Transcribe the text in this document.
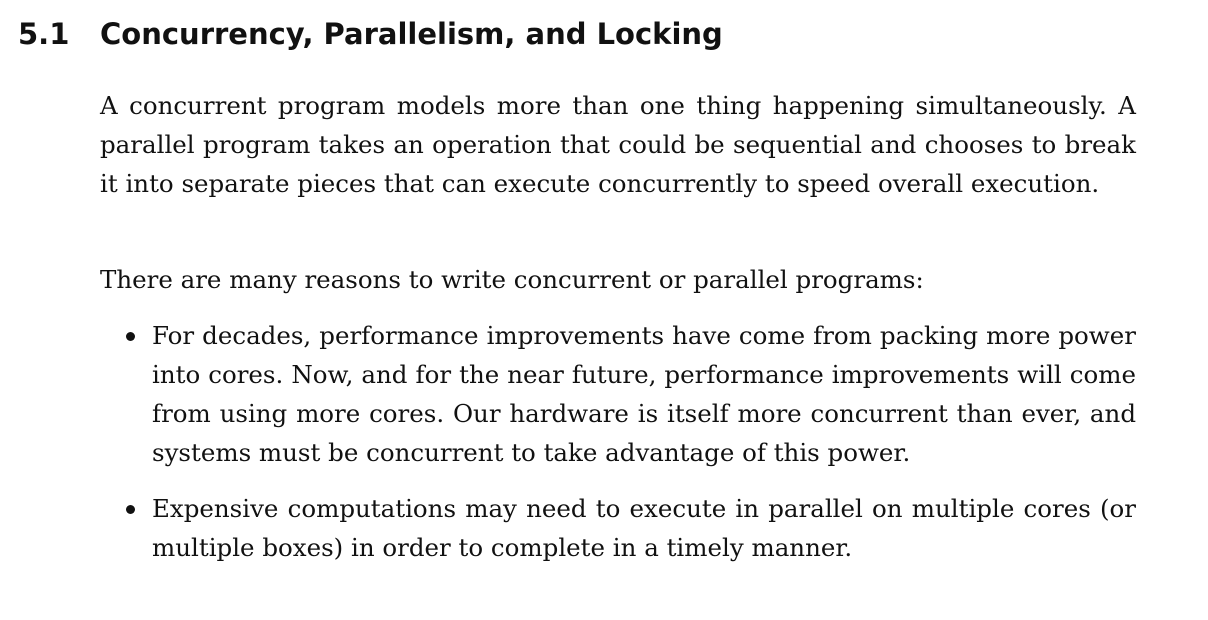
5.1 Concurrency, Parallelism, and Locking

A concurrent program models more than one thing happening simultaneously. A parallel program takes an operation that could be sequential and chooses to break it into separate pieces that can execute concurrently to speed overall execution.

There are many reasons to write concurrent or parallel programs:

For decades, performance improvements have come from packing more power into cores. Now, and for the near future, performance improvements will come from using more cores. Our hardware is itself more concurrent than ever, and systems must be concurrent to take advantage of this power.
Expensive computations may need to execute in parallel on multiple cores (or multiple boxes) in order to complete in a timely manner.
